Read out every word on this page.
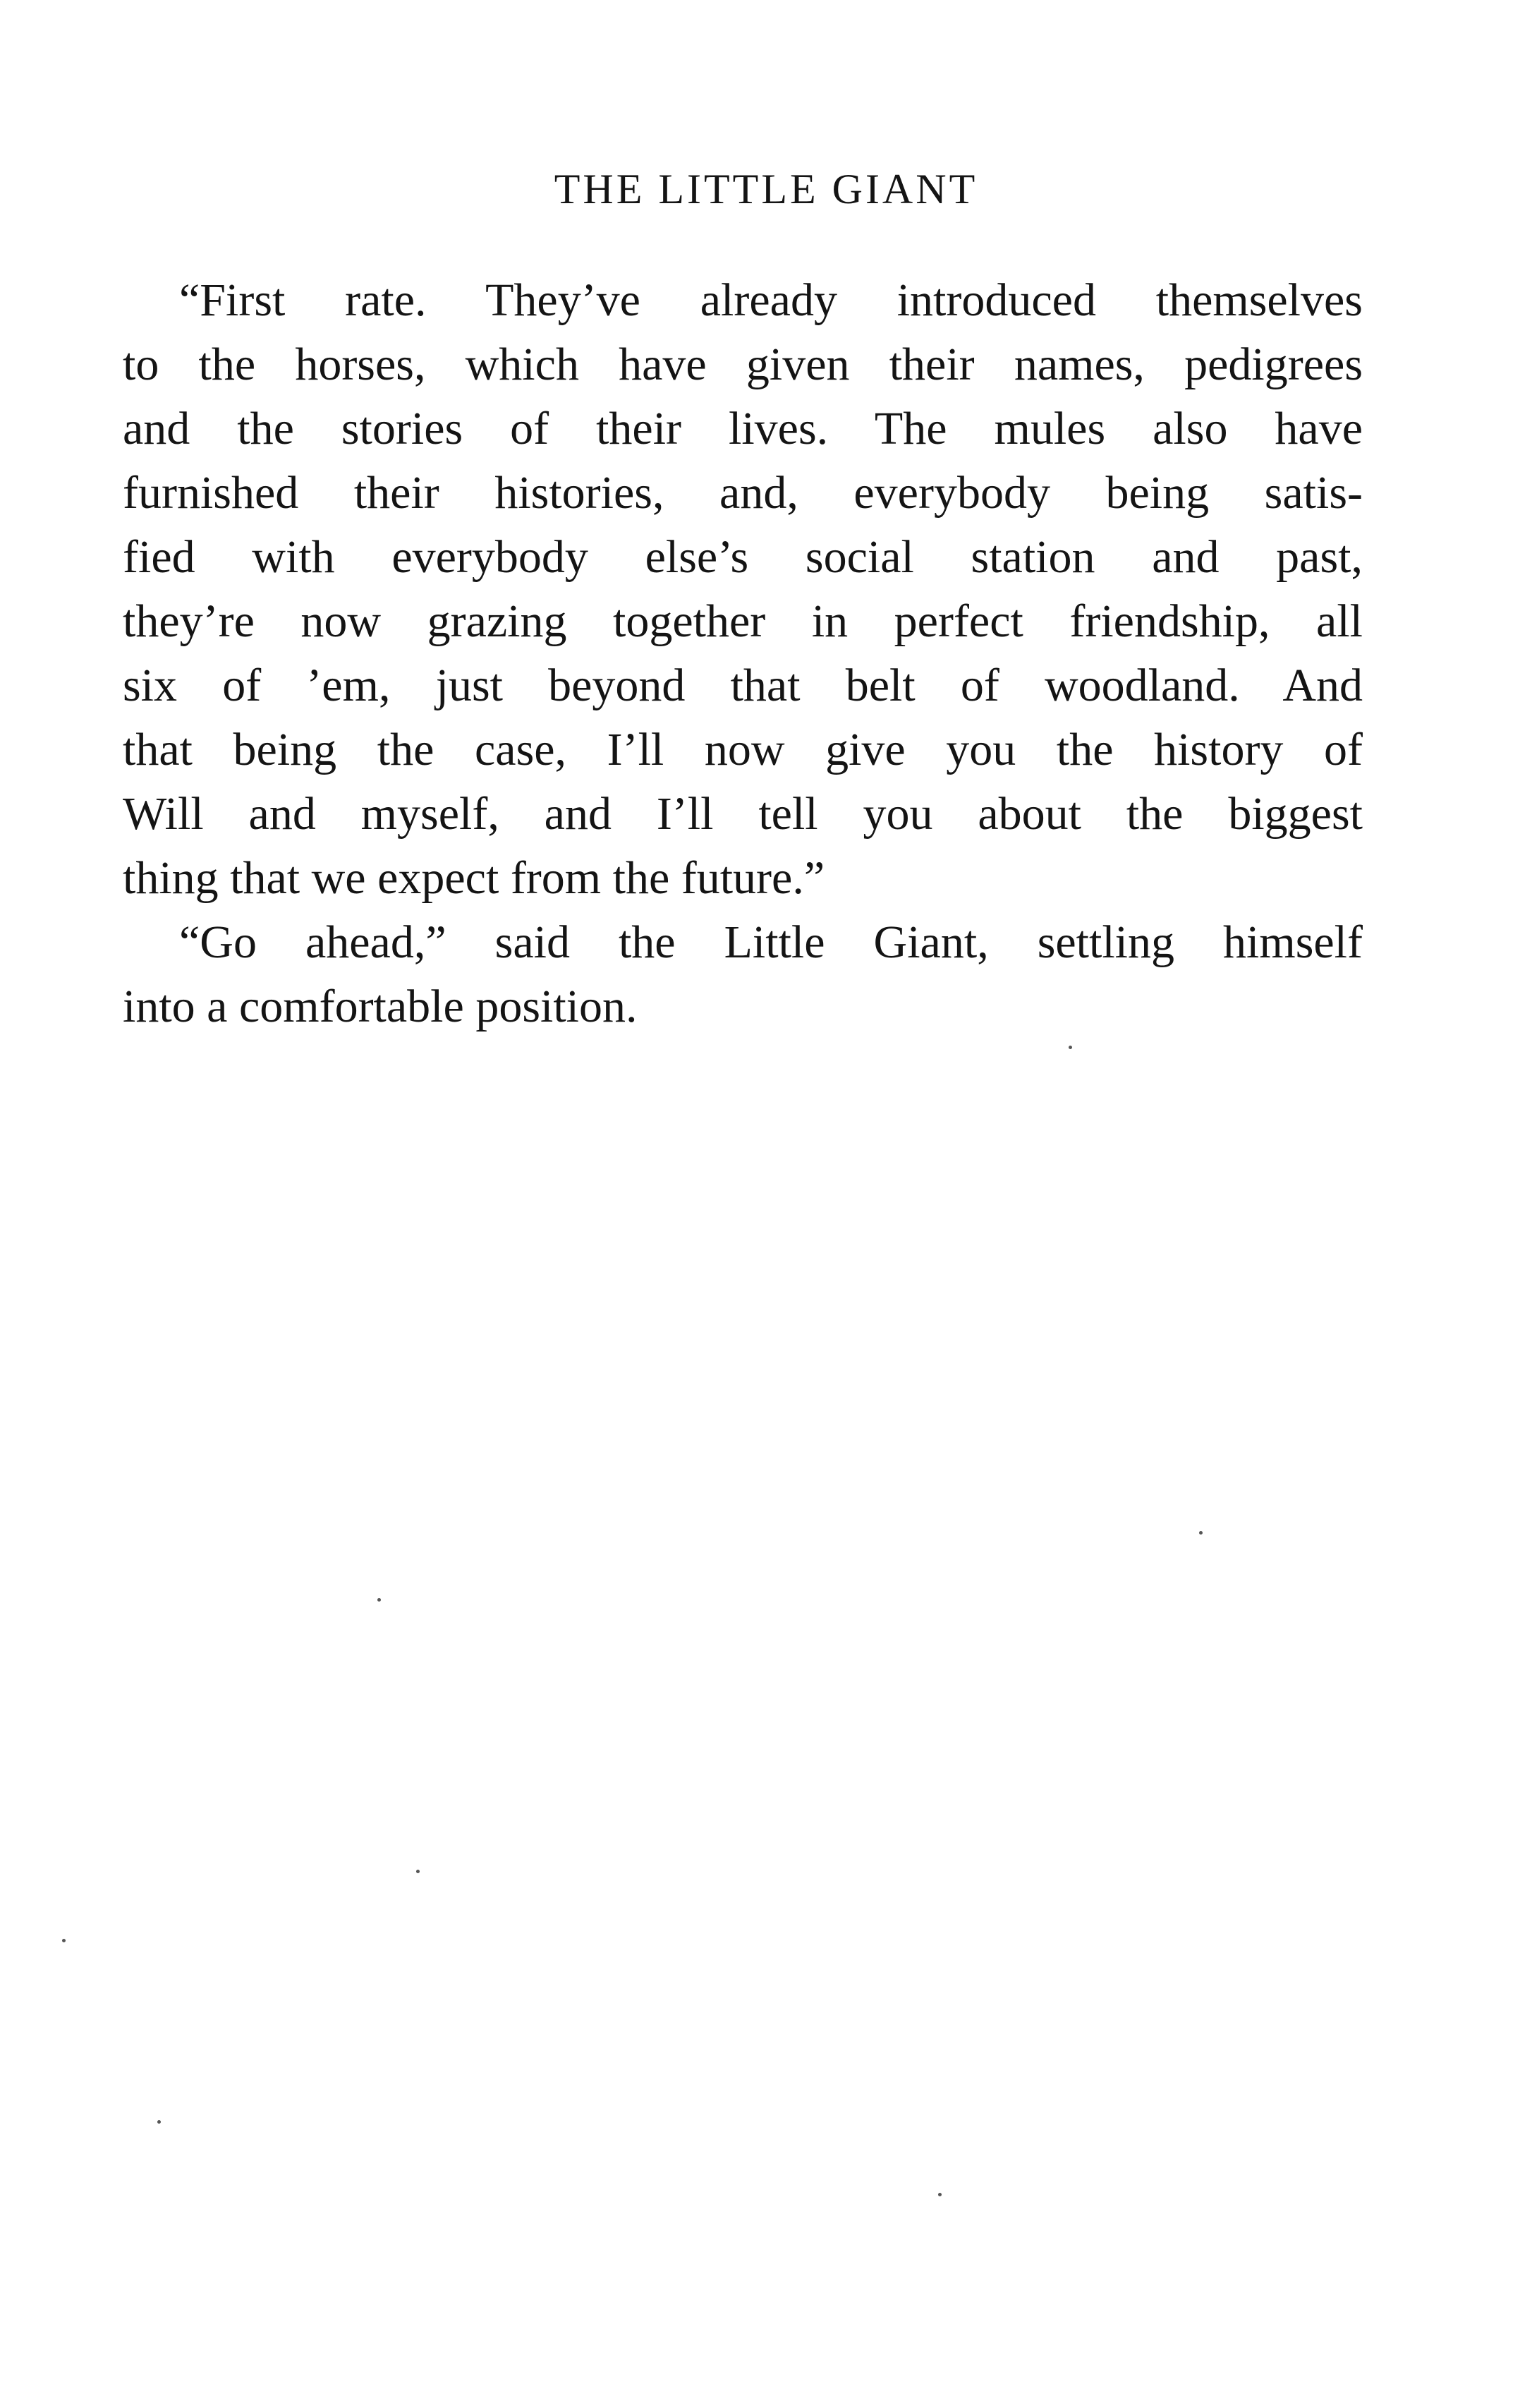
THE LITTLE GIANT
“First rate. They’ve already introduced themselves
to the horses, which have given their names, pedigrees
and the stories of their lives. The mules also have
furnished their histories, and, everybody being satis-
fied with everybody else’s social station and past,
they’re now grazing together in perfect friendship, all
six of ’em, just beyond that belt of woodland. And
that being the case, I’ll now give you the history of
Will and myself, and I’ll tell you about the biggest
thing that we expect from the future.”
“Go ahead,” said the Little Giant, settling himself
into a comfortable position.
